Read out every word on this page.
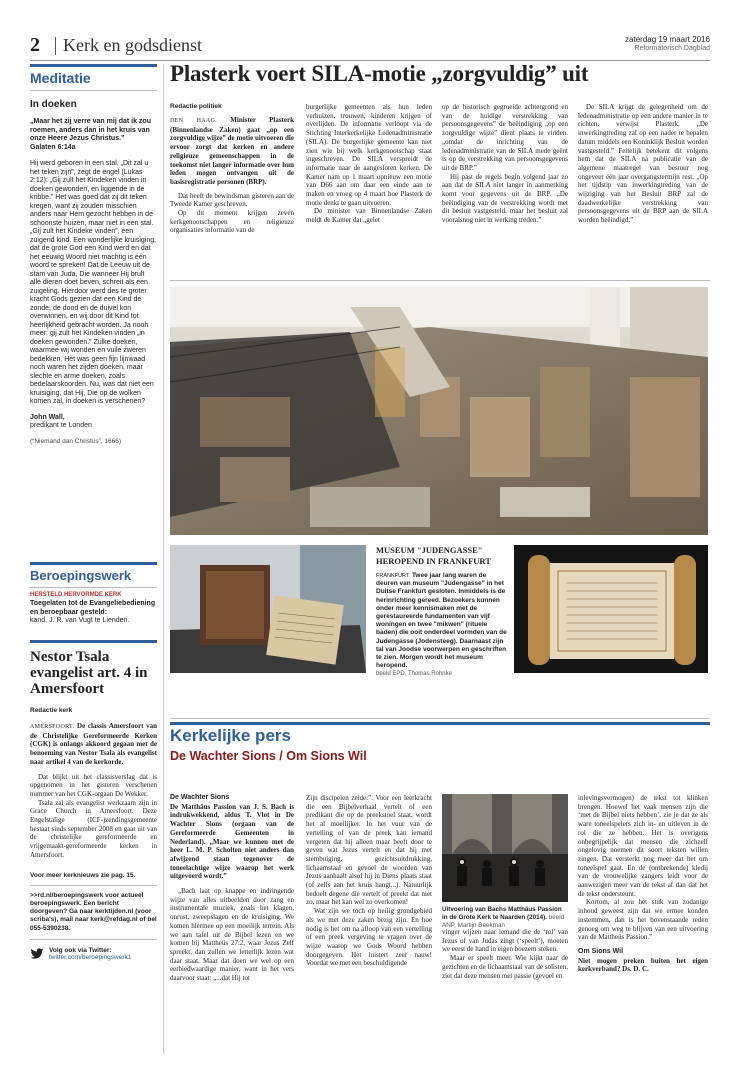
2 Kerk en godsdienst	zaterdag 19 maart 2016
Reformatorisch Dagblad
Meditatie
In doeken
„Maar het zij verre van mij dat ik zou roemen, anders dan in het kruis van onze Heere Jezus Christus.”
Galaten 6:14a
Hij werd geboren in een stal. „Dit zal u het teken zijn”, zegt de engel (Lukas 2:12): „Gij zult het Kindeken vinden in doeken gewonden, en liggende in de kribbe.” Het was goed dat zij dit teken kregen, want zij zouden misschien anders naar Hem gezocht hebben in de schoonste huizen, maar niet in een stal. „Gij zult het Kindeke vinden”, een zuigend kind. Een wonderlijke kruisiging, dat de grote God een Kind werd en dat het eeuwig Woord niet machtig is één woord te spreken! Dat de Leeuw uit de stam van Juda, Die wanneer Hij brult alle dieren doet beven, schreit als een zuigeling. Hierdoor werd des te groter kracht Gods gezien dat een Kind de zonde, de dood en de duivel kon overwinnen, en wij door dit Kind tot heerlijkheid gebracht worden. Ja nooh meer: gij zult het Kindeken vinden „in doeken gewonden.” Zulke doeken, waarmee wij wonden en vuile zweren bedekken. Het was geen fijn lijnwaad noch waren het zijden doeken, maar slechte en arme doeken, zoals bedelaarskoorden. Nu, was dat niet een kruisiging, dat Hij, Die op de wolken komen zal, in doeken is verschenen?
John Wall,
predikant te Londen
(“Niemand dan Christus”, 1666)
Beroepingswerk
HERSTELD HERVORMDE KERK
Toegelaten tot de Evangeliebediening en beroepbaar gesteld:
kand. J. R. van Vugt te Lienden.
Nestor Tsala evangelist art. 4 in Amersfoort
Redactie kerk

AMERSFOORT. De classis Amersfoort van de Christelijke Gereformeerde Kerken (CGK) is onlangs akkoord gegaan met de benoeming van Nestor Tsala als evangelist naar artikel 4 van de kerkorde.

Dat blijkt uit het classisverslag dat is opgenomen in het gisteren verschenen nummer van het CGK-orgaan De Wekker.

Tsala zal als evangelist werkzaam zijn in Grace Church in Amersfoort. Deze Engelstalige (ICF-)zendingsgemeente bestaat sinds september 2008 en gaat uit van de christelijke gereformeerde en vrijgemaakt-gereformeerde kerken in Amersfoort.

Voor meer kerknieuws zie pag. 15.
>>rd.nl/beroepingswerk voor actueel beroepingswerk. Een bericht doorgeven? Ga naar kerktijden.nl (voor scriba's), mail naar kerk@refdag.nl of bel 055-5390238.
Volg ook via Twitter:
twitter.com/beroepingswerk1
Plasterk voert SILA-motie „zorgvuldig” uit
Redactie politiek

DEN HAAG. Minister Plasterk (Binnenlandse Zaken) gaat „op een zorgvuldige wijze” de motie uitvoeren die ervoor zorgt dat kerken en andere religieuze gemeenschappen in de toekomst niet langer informatie over hun leden mogen ontvangen uit de basisregistratie personen (BRP).

Dat heeft de bewindsman gisteren aan de Tweede Kamer geschreven.

Op dit moment krijgen zeven kerkgenootschappen en religieuze organisaties informatie van de

burgerlijke gemeenten als hun leden verhuizen, trouwen, kinderen krijgen of overlijden. De informatie verloopt via de Stichting Interkerkelijke Ledenadministratie (SILA). De burgerlijke gemeente kan niet zien wie bij welk kerkgenootschap staat ingeschreven. De SILA verspreidt de informatie naar de aangesloten kerken. De Kamer nam op 1 maart opnieuw een motie van D66 aan om daar een einde aan te maken en vroeg op 4 maart hoe Plasterk de motie denkt te gaan uitvoeren.

De minister van Binnenlandse Zaken meldt de Kamer dat „gelet

op de historisch gegroeide achtergrond en van de huidige verstrekking van persoonsgegevens” de beëindiging „op een zorgvuldige wijze” dient plaats te vinden. „omdat de inrichting van de ledenadministratie van de SILA mede geënt is op de verstrekking van persoonsgegevens uit de BRP.”

Hij past de regels begin volgend jaar zo aan dat de SILA niet langer in aanmerking komt voor gegevens uit de BRP. „De beëindiging van de verstrekking wordt met dit besluit vastgesteld. maar het besluit zal vooralsnog niet in werking treden.”

De SILA krijgt de gelegenheid om de ledenadministratie op een andere manier in te richten, verwijst Plasterk. „De inwerkingtreding zal op een nader te bepalen datum middels een Koninklijk Besluit worden vastgesteld.” Feitelijk betekent dit volgens hem dat de SILA na publicatie van de algemene maatregel van bestuur nog ongeveer één jaar overgangstermijn rest. „Op het tijdstip van inwerkingtreding van de wijziging van het Besluit BRP zal de daadwerkelijke verstrekking van persoonsgegevens uit de BRP aan de SILA worden beëindigd.”

MUSEUM "JUDENGASSE"
HEROPEND IN FRANKFURT
FRANKFURT. Twee jaar lang waren de deuren van museum "Judengasse" in het Duitse Frankfurt gesloten. Inmiddels is de herinrichting gereed. Bezoekers kunnen onder meer kennismaken met de gerestaureerde fundamenten van vijf woningen en twee "mikwen" (rituele baden) die ooit onderdeel vormden van de Judengasse (Jodensteeg). Daarnaast zijn tal van Joodse voorwerpen en geschriften te zien. Morgen wordt het museum heropend.
beeld EPD, Thomas Rohnke
Kerkelijke pers
De Wachter Sions / Om Sions Wil
De Wachter Sions

De Matthäus Passion van J. S. Bach is indrukwekkend, aldus T. Vlot in De Wachter Sions (orgaan van de Gereformeerde Gemeenten in Nederland). „Maar we kunnen met de heer L. M. P. Scholten niet anders dan afwijzend staan tegenover de toneelachtige wijze waarop het werk uitgevoerd wordt.”

„Bach laat op knappe en indringende wijze van alles uitbeelden door zang en instrumentale muziek, zoals het klagen, onrust, zweepslagen en de kruisiging. We komen hiermee op een moeilijk terrein. Als we aan tafel uit de Bijbel lezen en we komen bij Mattheüs 27:2, waar Jezus Zelf spreekt, dan zullen we letterlijk lezen wat daar staat. Maar dat doen we wel op een eerbiedwaardige manier, want in het vers daarvoor staat: „...dat Hij tot

Zijn discipelen zeide:”. Voor een leerkracht die een Bijbelverhaal vertelt of een predikant die op de preekstoel staat, wordt het al moeilijker. In het vuur van de vertelling of van de preek kan iemand vergeten dat hij alleen maar beeft door te geven wat Jezus vertelt en dat hij met stembuiging, gezichtsuitdrukking, lichaamstaal en gevoel de woorden van Jezus aanhaalt alsof hij in Diens plaats staat (of zelfs aan het kruis hangt...). Natuurlijk bedoelt degene die vertelt of preekt dat niet zo, maar het kan wel zo overkomen!

Wat zijn we toch op heilig grondgebied als we met deze zaken bezig zijn. En hoe nodig is het om na afloop van een vertelling of een preek vergeving te vragen over de wijze waarop we Gods Woord hebben doorgegeven. Het luistert zeer nauw! Voordat we met een beschuldigende

Uitvoering van Bachs Matthäus Passion in de Grote Kerk te Naarden (2014). beeld ANP, Martijn Beekman

vinger wijzen naar iemand die de ‘rol’ van Jezus of van Judas zingt (‘speelt’), moeten we eerst de hand in eigen boezem steken.

Maar er speelt meer. Wie kijkt naar de gezichten en de lichaamstaal van de solisten, ziet dat deze mensen met passie (gevoel en

inlevingsvermogen) de tekst tot klinken brengen. Hoewel het vaak mensen zijn die ‘met de Bijbel niets hebben’, zie je dat ze als ware toneelspelers zich in- en uitleven in de rol die ze hebben. Het is overigens onbegrijpelijk dat mensen die zichzelf ongelovig noemen dit soort teksten willen zingen. Dat versterkt nog meer dat het om toneelspel gaat. En de (ontbrekende) kledij van de vrouwelijke zangers leidt voor de aanwezigen meer van de tekst af dan dat het de tekst ondersteunt.

Kortom, al zou het stuk van zodanige inhoud geweest zijn dat we ermee konden instemmen, dan is het bovenstaande reden genoeg om weg te blijven van een uitvoering van de Mattheüs Passion.”

Om Sions Wil

Niet mogen preken buiten het eigen kerkverband? Ds. D. C.
